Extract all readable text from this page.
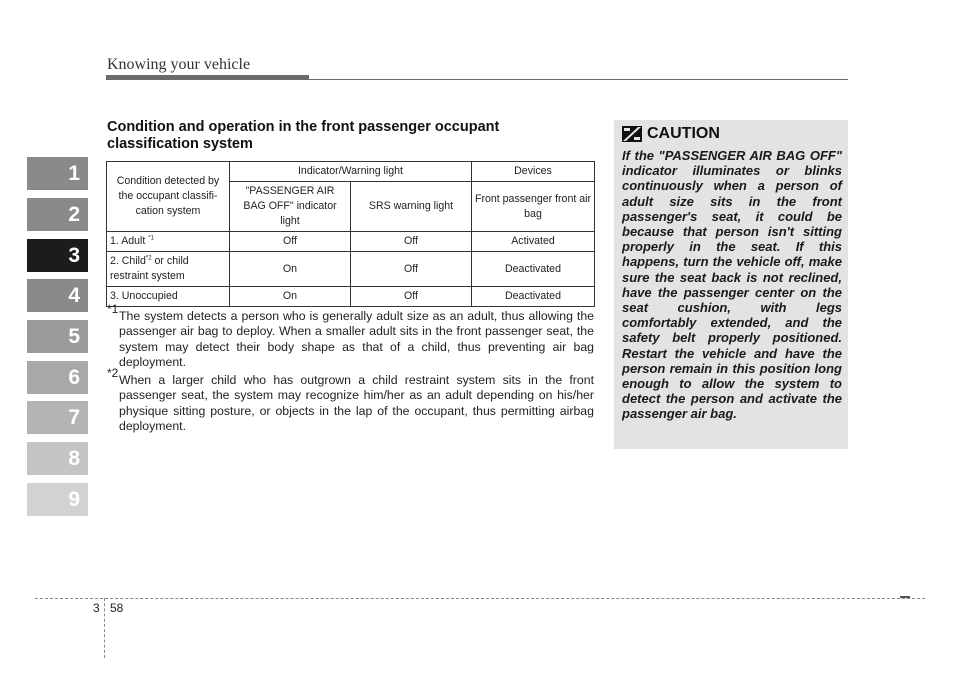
Knowing your vehicle
1
2
3
4
5
6
7
8
9
Condition and operation in the front passenger occupant classification system
Condition detected by the occupant classifi-cation system	Indicator/Warning light		Devices
	"PASSENGER AIR BAG OFF" indicator light	SRS warning light	Front passenger front air bag
1. Adult $^{*1}$	Off	Off	Activated
2. Child$^{*2}$ or child restraint system	On	Off	Deactivated
3. Unoccupied	On	Off	Deactivated
*1 The system detects a person who is generally adult size as an adult, thus allowing the passenger air bag to deploy. When a smaller adult sits in the front passenger seat, the system may detect their body shape as that of a child, thus preventing air bag deployment.
*2 When a larger child who has outgrown a child restraint system sits in the front passenger seat, the system may recognize him/her as an adult depending on his/her physique sitting posture, or objects in the lap of the occupant, thus permitting airbag deployment.
CAUTION
If the "PASSENGER AIR BAG OFF" indicator illuminates or blinks continuously when a person of adult size sits in the front passenger's seat, it could be because that person isn't sitting properly in the seat. If this happens, turn the vehicle off, make sure the seat back is not reclined, have the passenger center on the seat cushion, with legs comfortably extended, and the safety belt properly positioned. Restart the vehicle and have the person remain in this position long enough to allow the system to detect the person and activate the passenger air bag.
3 58
